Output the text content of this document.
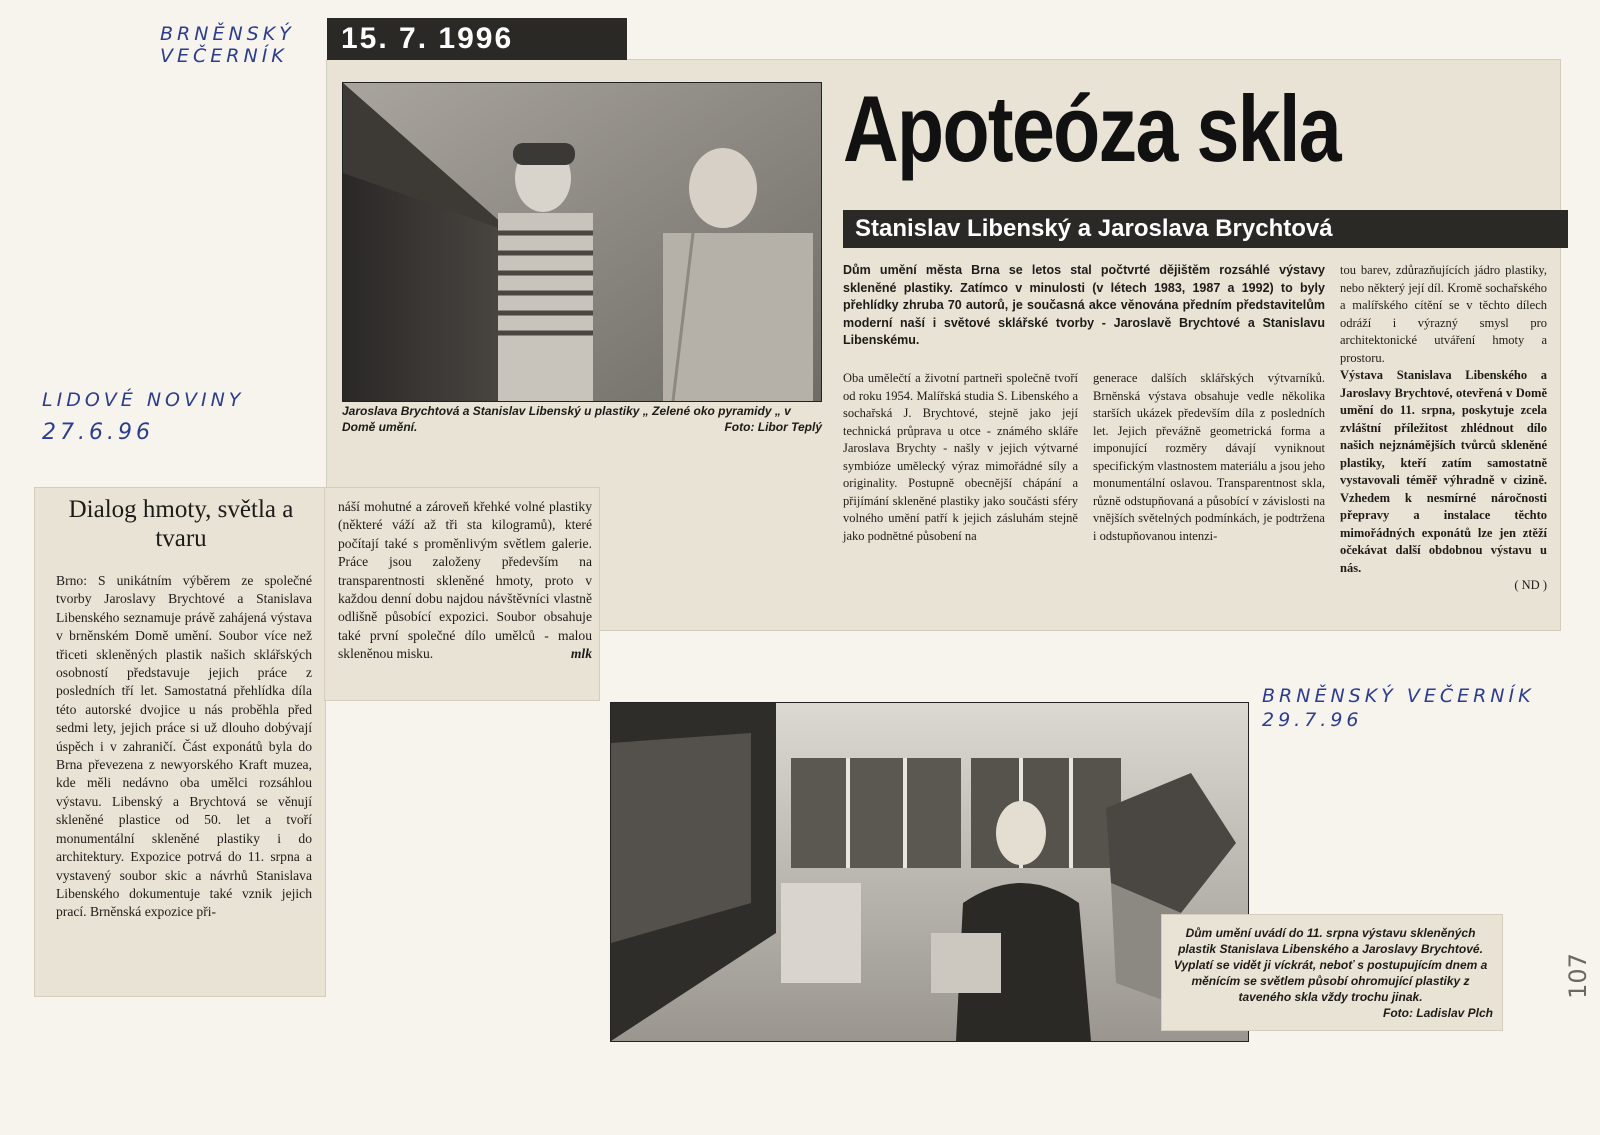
BRNĚNSKÝ
VEČERNÍK
LIDOVÉ NOVINY
27.6.96
BRNĚNSKÝ VEČERNÍK
29.7.96
107
15. 7. 1996
Jaroslava Brychtová a Stanislav Libenský u plastiky „ Zelené oko pyramidy „ v Domě umění.	Foto: Libor Teplý
Apoteóza skla
Stanislav Libenský a Jaroslava Brychtová
Dům umění města Brna se letos stal počtvrté dějištěm rozsáhlé výstavy skleněné plastiky. Zatímco v minulosti (v létech 1983, 1987 a 1992) to byly přehlídky zhruba 70 autorů, je současná akce věnována předním představitelům moderní naší i světové sklářské tvorby - Jaroslavě Brychtové a Stanislavu Libenskému.
Oba umělečtí a životní partneři společně tvoří od roku 1954. Malířská studia S. Libenského a sochařská J. Brychtové, stejně jako její technická průprava u otce - známého skláře Jaroslava Brychty - našly v jejich výtvarné symbióze umělecký výraz mimořádné síly a originality. Postupně obecnější chápání a přijímání skleněné plastiky jako součásti sféry volného umění patří k jejich zásluhám stejně jako podnětné působení na
generace dalších sklářských výtvarníků. Brněnská výstava obsahuje vedle několika starších ukázek především díla z posledních let. Jejich převážně geometrická forma a imponující rozměry dávají vyniknout specifickým vlastnostem materiálu a jsou jeho monumentální oslavou. Transparentnost skla, různě odstupňovaná a působící v závislosti na vnějších světelných podmínkách, je podtržena i odstupňovanou intenzi-
tou barev, zdůrazňujících jádro plastiky, nebo některý její díl. Kromě sochařského a malířského cítění se v těchto dílech odráží i výrazný smysl pro architektonické utváření hmoty a prostoru.
Výstava Stanislava Libenského a Jaroslavy Brychtové, otevřená v Domě umění do 11. srpna, poskytuje zcela zvláštní příležitost zhlédnout dílo našich nejznámějších tvůrců skleněné plastiky, kteří zatím samostatně vystavovali téměř výhradně v cizině. Vzhedem k nesmírné náročnosti přepravy a instalace těchto mimořádných exponátů lze jen ztěží očekávat další obdobnou výstavu u nás.
( ND )
Dialog hmoty, světla a tvaru
Brno: S unikátním výběrem ze společné tvorby Jaroslavy Brychtové a Stanislava Libenského seznamuje právě zahájená výstava v brněnském Domě umění. Soubor více než třiceti skleněných plastik našich sklářských osobností představuje jejich práce z posledních tří let. Samostatná přehlídka díla této autorské dvojice u nás proběhla před sedmi lety, jejich práce si už dlouho dobývají úspěch i v zahraničí. Část exponátů byla do Brna převezena z newyorského Kraft muzea, kde měli nedávno oba umělci rozsáhlou výstavu. Libenský a Brychtová se věnují skleněné plastice od 50. let a tvoří monumentální skleněné plastiky i do architektury. Expozice potrvá do 11. srpna a vystavený soubor skic a návrhů Stanislava Libenského dokumentuje také vznik jejich prací. Brněnská expozice při-
náší mohutné a zároveň křehké volné plastiky (některé váží až tři sta kilogramů), které počítají také s proměnlivým světlem galerie. Práce jsou založeny především na transparentnosti skleněné hmoty, proto v každou denní dobu najdou návštěvníci vlastně odlišně působící expozici. Soubor obsahuje také první společné dílo umělců - malou skleněnou misku.	mlk
Dům umění uvádí do 11. srpna výstavu skleněných plastik Stanislava Libenského a Jaroslavy Brychtové. Vyplatí se vidět ji víckrát, neboť s postupujícím dnem a měnícím se světlem působí ohromující plastiky z taveného skla vždy trochu jinak.
Foto: Ladislav Plch
